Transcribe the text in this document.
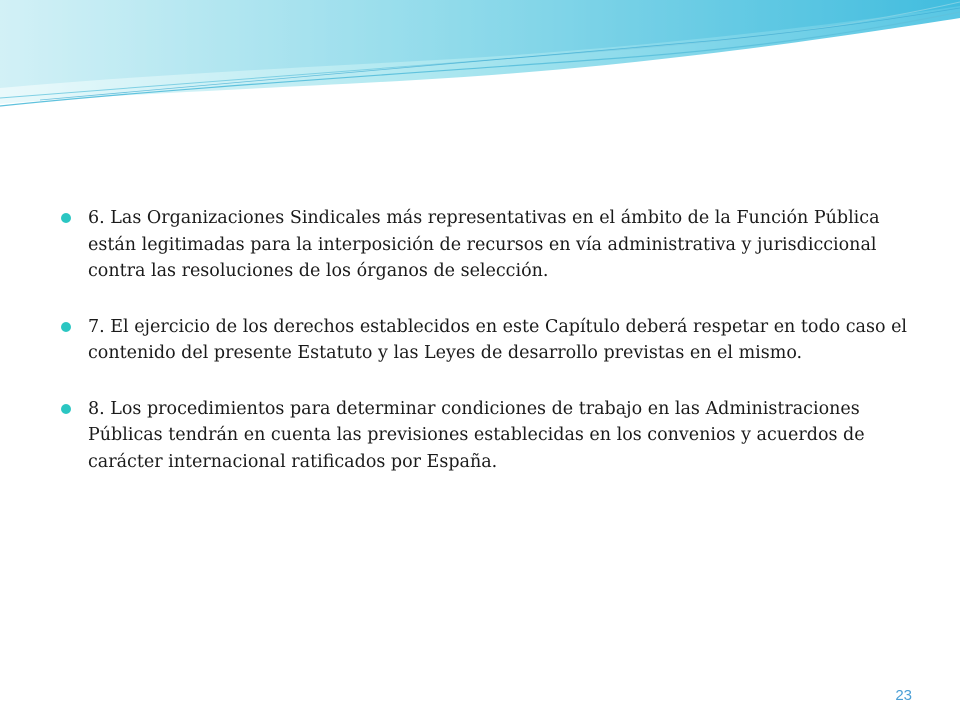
6. Las Organizaciones Sindicales más representativas en el ámbito de la Función Pública están legitimadas para la interposición de recursos en vía administrativa y jurisdiccional contra las resoluciones de los órganos de selección.
7. El ejercicio de los derechos establecidos en este Capítulo deberá respetar en todo caso el contenido del presente Estatuto y las Leyes de desarrollo previstas en el mismo.
8. Los procedimientos para determinar condiciones de trabajo en las Administraciones Públicas tendrán en cuenta las previsiones establecidas en los convenios y acuerdos de carácter internacional ratificados por España.
23
